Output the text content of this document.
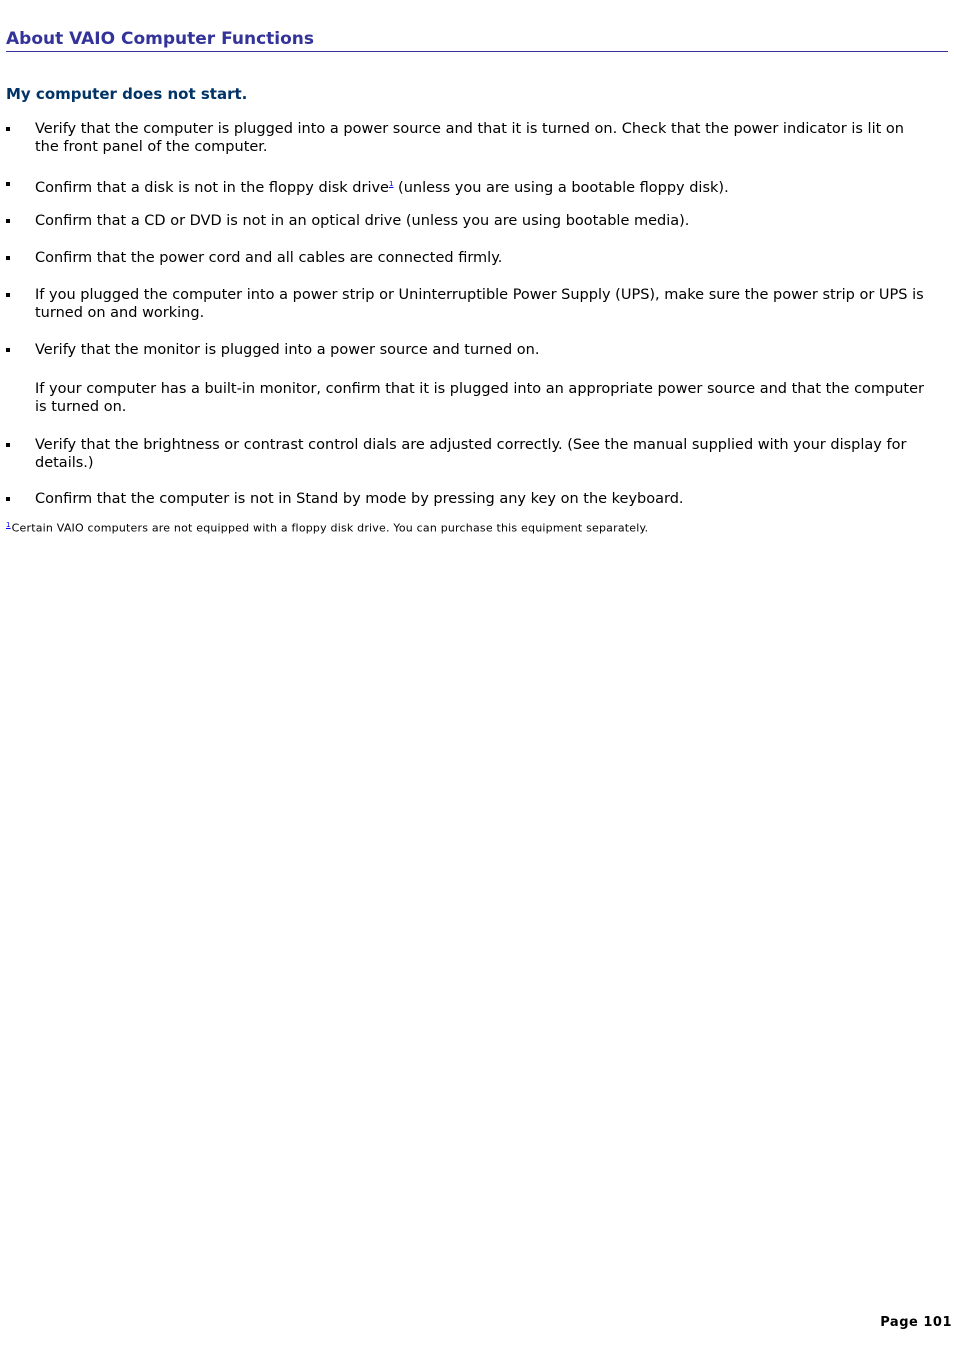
About VAIO Computer Functions
My computer does not start.
Verify that the computer is plugged into a power source and that it is turned on. Check that the power indicator is lit on the front panel of the computer.
Confirm that a disk is not in the floppy disk drive$^1$ (unless you are using a bootable floppy disk).
Confirm that a CD or DVD is not in an optical drive (unless you are using bootable media).
Confirm that the power cord and all cables are connected firmly.
If you plugged the computer into a power strip or Uninterruptible Power Supply (UPS), make sure the power strip or UPS is turned on and working.
Verify that the monitor is plugged into a power source and turned on.
If your computer has a built-in monitor, confirm that it is plugged into an appropriate power source and that the computer is turned on.
Verify that the brightness or contrast control dials are adjusted correctly. (See the manual supplied with your display for details.)
Confirm that the computer is not in Stand by mode by pressing any key on the keyboard.
$^1$Certain VAIO computers are not equipped with a floppy disk drive. You can purchase this equipment separately.
Page 101
